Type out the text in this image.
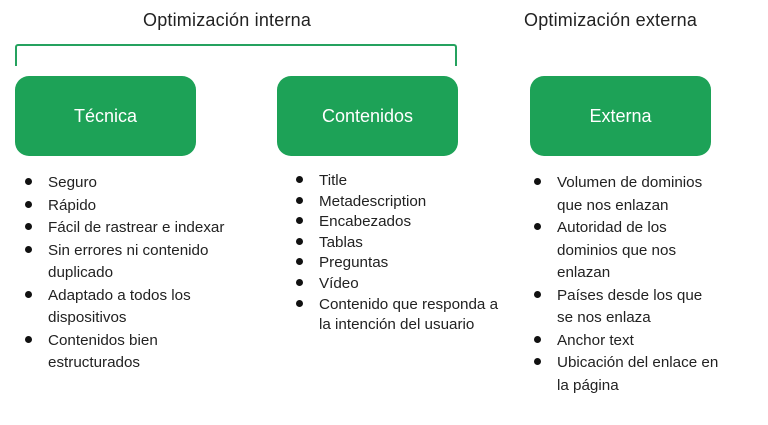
Optimización interna	Optimización externa
Técnica	Contenidos	Externa
Seguro
Rápido
Fácil de rastrear e indexar
Sin errores ni contenido duplicado
Adaptado a todos los dispositivos
Contenidos bien estructurados
Title
Metadescription
Encabezados
Tablas
Preguntas
Vídeo
Contenido que responda a la intención del usuario
Volumen de dominios que nos enlazan
Autoridad de los dominios que nos enlazan
Países desde los que se nos enlaza
Anchor text
Ubicación del enlace en la página
